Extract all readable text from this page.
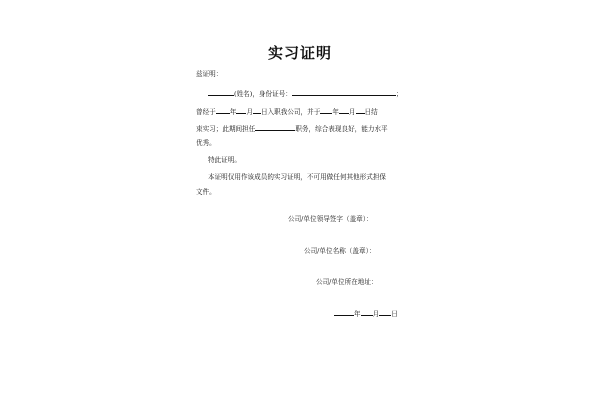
实习证明
兹证明：
(姓名)，身份证号：	；
曾经于 年 月 日入职我公司，并于 年 月 日结
束实习；此期间担任	职务，综合表现良好，能力水平
优秀。
特此证明。
本证明仅用作该成员的实习证明，不可用做任何其他形式担保
文件。
公司/单位领导签字（盖章）：
公司/单位名称（盖章）：
公司/单位所在地址：
年 月 日
